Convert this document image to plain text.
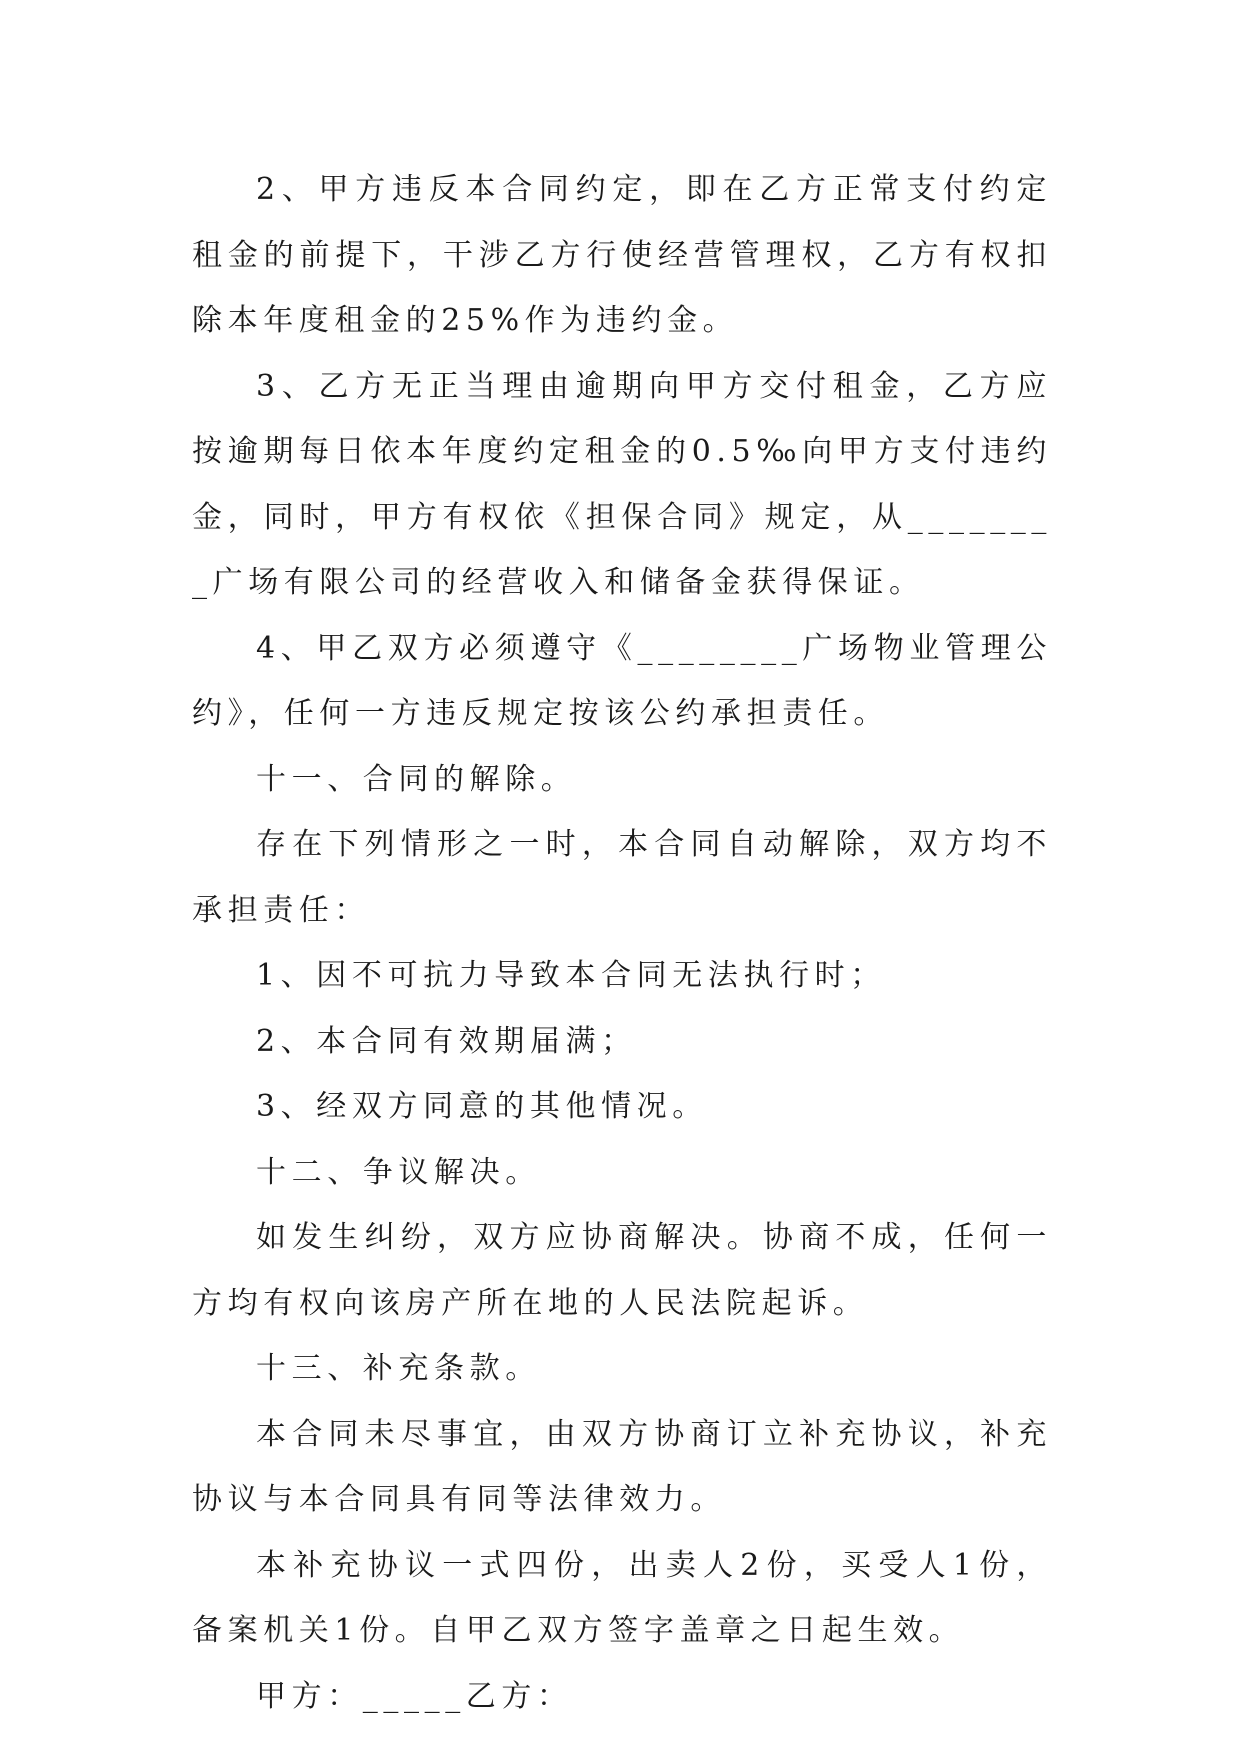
2、甲方违反本合同约定，即在乙方正常支付约定租金的前提下，干涉乙方行使经营管理权，乙方有权扣除本年度租金的25%作为违约金。

3、乙方无正当理由逾期向甲方交付租金，乙方应按逾期每日依本年度约定租金的0.5‰向甲方支付违约金，同时，甲方有权依《担保合同》规定，从________广场有限公司的经营收入和储备金获得保证。

4、甲乙双方必须遵守《________广场物业管理公约》，任何一方违反规定按该公约承担责任。

十一、合同的解除。

存在下列情形之一时，本合同自动解除，双方均不承担责任：

1、因不可抗力导致本合同无法执行时；

2、本合同有效期届满；

3、经双方同意的其他情况。

十二、争议解决。

如发生纠纷，双方应协商解决。协商不成，任何一方均有权向该房产所在地的人民法院起诉。

十三、补充条款。

本合同未尽事宜，由双方协商订立补充协议，补充协议与本合同具有同等法律效力。

本补充协议一式四份，出卖人2份，买受人1份，备案机关1份。自甲乙双方签字盖章之日起生效。

甲方：_____乙方：
